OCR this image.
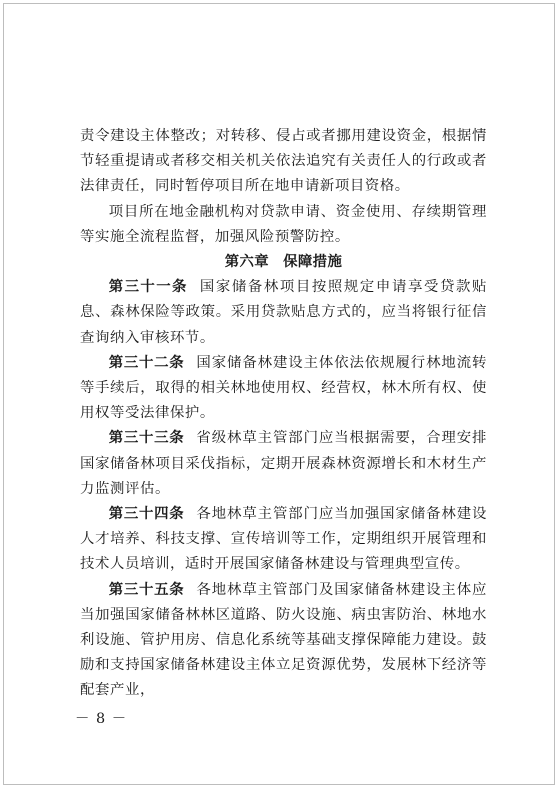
责令建设主体整改；对转移、侵占或者挪用建设资金，根据情节轻重提请或者移交相关机关依法追究有关责任人的行政或者法律责任，同时暂停项目所在地申请新项目资格。

项目所在地金融机构对贷款申请、资金使用、存续期管理等实施全流程监督，加强风险预警防控。

第六章 保障措施

第三十一条 国家储备林项目按照规定申请享受贷款贴息、森林保险等政策。采用贷款贴息方式的，应当将银行征信查询纳入审核环节。

第三十二条 国家储备林建设主体依法依规履行林地流转等手续后，取得的相关林地使用权、经营权，林木所有权、使用权等受法律保护。

第三十三条 省级林草主管部门应当根据需要，合理安排国家储备林项目采伐指标，定期开展森林资源增长和木材生产力监测评估。

第三十四条 各地林草主管部门应当加强国家储备林建设人才培养、科技支撑、宣传培训等工作，定期组织开展管理和技术人员培训，适时开展国家储备林建设与管理典型宣传。

第三十五条 各地林草主管部门及国家储备林建设主体应当加强国家储备林林区道路、防火设施、病虫害防治、林地水利设施、管护用房、信息化系统等基础支撑保障能力建设。鼓励和支持国家储备林建设主体立足资源优势，发展林下经济等配套产业，

－ 8 －
